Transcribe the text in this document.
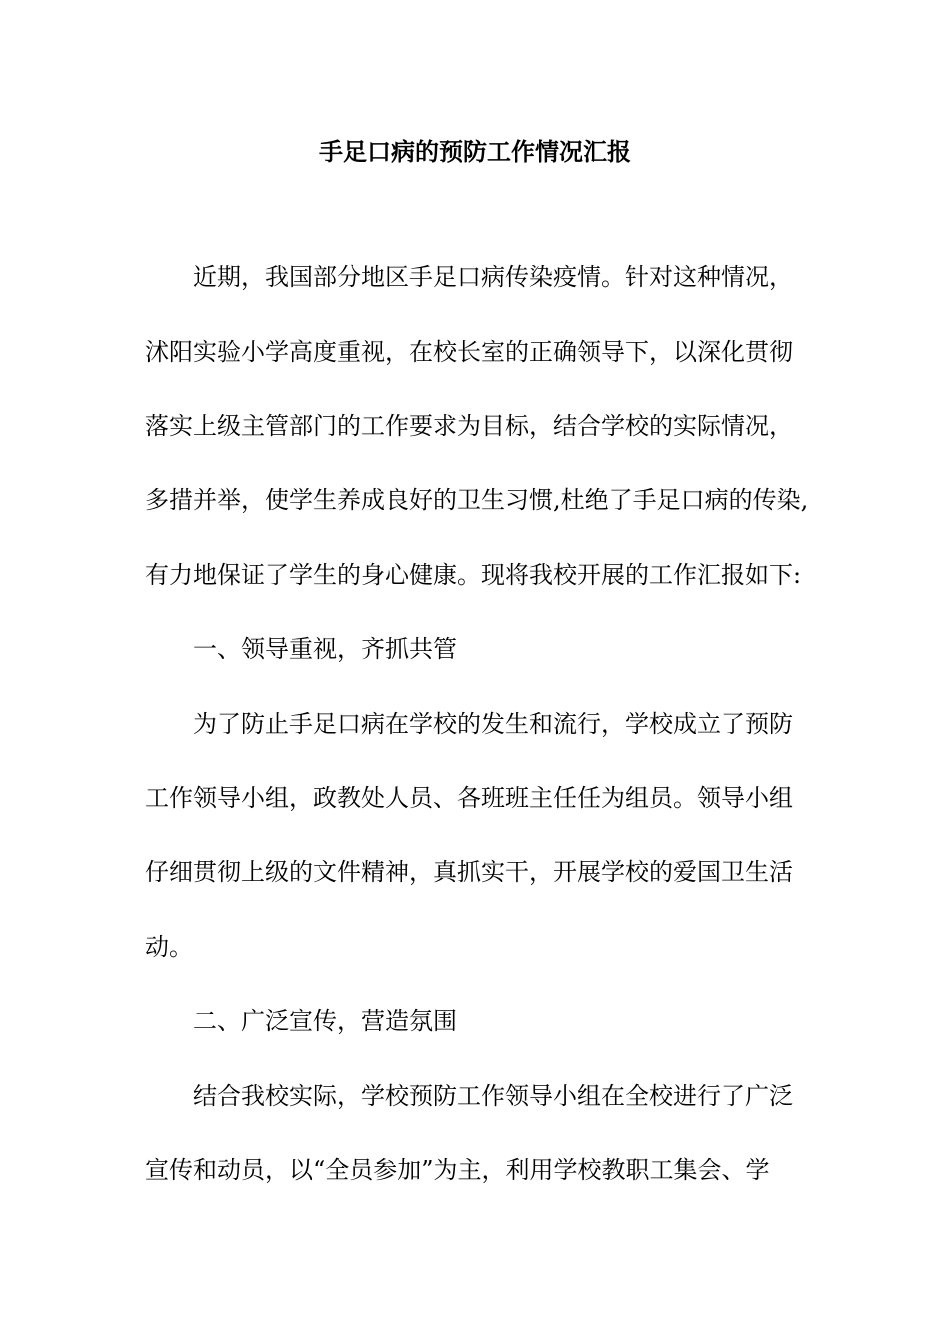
手足口病的预防工作情况汇报

近期，我国部分地区手足口病传染疫情。针对这种情况，

沭阳实验小学高度重视，在校长室的正确领导下，以深化贯彻

落实上级主管部门的工作要求为目标，结合学校的实际情况，

多措并举，使学生养成良好的卫生习惯,杜绝了手足口病的传染,

有力地保证了学生的身心健康。现将我校开展的工作汇报如下:

一、领导重视，齐抓共管

为了防止手足口病在学校的发生和流行，学校成立了预防

工作领导小组，政教处人员、各班班主任任为组员。领导小组

仔细贯彻上级的文件精神，真抓实干，开展学校的爱国卫生活

动。

二、广泛宣传，营造氛围

结合我校实际，学校预防工作领导小组在全校进行了广泛

宣传和动员，以“全员参加”为主，利用学校教职工集会、学
